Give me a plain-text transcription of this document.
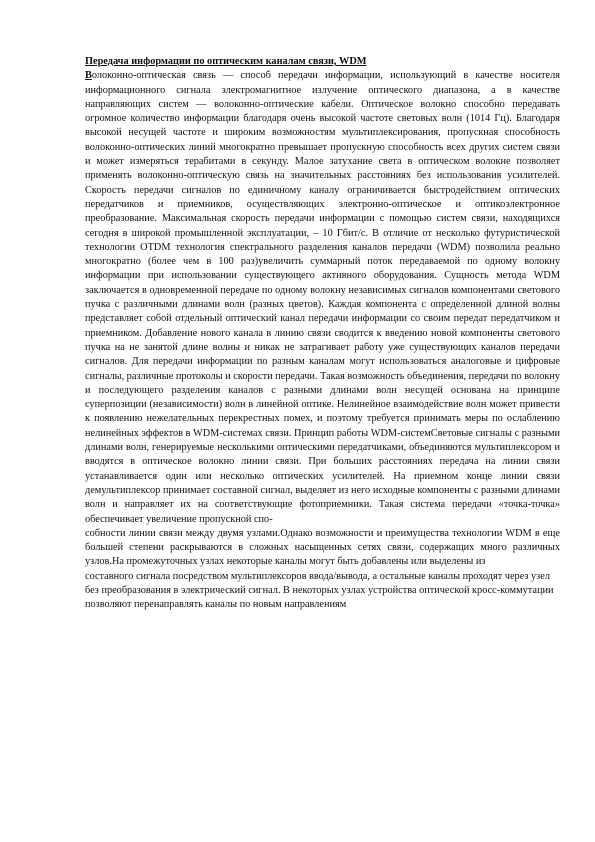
Передача информации по оптическим каналам связи, WDM

Волоконно-оптическая связь — способ передачи информации, использующий в качестве носителя информационного сигнала электромагнитное излучение оптического диапазона, а в качестве направляющих систем — волоконно-оптические кабели. Оптическое волокно способно передавать огромное количество информации благодаря очень высокой частоте световых волн (1014 Гц). Благодаря высокой несущей частоте и широким возможностям мультиплексирования, пропускная способность волоконно-оптических линий многократно превышает пропускную способность всех других систем связи и может измеряться терабитами в секунду. Малое затухание света в оптическом волокне позволяет применять волоконно-оптическую связь на значительных расстояниях без использования усилителей. Скорость передачи сигналов по единичному каналу ограничивается быстродействием оптических передатчиков и приемников, осуществляющих электронно-оптическое и оптикоэлектронное преобразование. Максимальная скорость передачи информации с помощью систем связи, находящихся сегодня в широкой промышленной эксплуатации, – 10 Гбит/с. В отличие от несколько футуристической технологии OTDM технология спектрального разделения каналов передачи (WDM) позволила реально многократно (более чем в 100 раз)увеличить суммарный поток передаваемой по одному волокну информации при использовании существующего активного оборудования. Сущность метода WDM заключается в одновременной передаче по одному волокну независимых сигналов компонентами светового пучка с различными длинами волн (разных цветов). Каждая компонента с определенной длиной волны представляет собой отдельный оптический канал передачи информации со своим передат передатчиком и приемником. Добавление нового канала в линию связи сводится к введению новой компоненты светового пучка на не занятой длине волны и никак не затрагивает работу уже существующих каналов передачи сигналов. Для передачи информации по разным каналам могут использоваться аналоговые и цифровые сигналы, различные протоколы и скорости передачи. Такая возможность объединения, передачи по волокну и последующего разделения каналов с разными длинами волн несущей основана на принципе суперпозиции (независимости) волн в линейной оптике. Нелинейное взаимодействие волн может привести к появлению нежелательных перекрестных помех, и поэтому требуется принимать меры по ослаблению нелинейных эффектов в WDM-системах связи. Принцип работы WDM-системСветовые сигналы с разными длинами волн, генерируемые несколькими оптическими передатчиками, объединяются мультиплексором и вводятся в оптическое волокно линии связи. При больших расстояниях передача на линии связи устанавливается один или несколько оптических усилителей. На приемном конце линии связи демультиплексор принимает составной сигнал, выделяет из него исходные компоненты с разными длинами волн и направляет их на соответствующие фотоприемники. Такая система передачи «точка-точка» обеспечивает увеличение пропускной спо-

собности линии связи между двумя узлами.Однако возможности и преимущества технологии WDM в еще большей степени раскрываются в сложных насыщенных сетях связи, содержащих много различных узлов.На промежуточных узлах некоторые каналы могут быть добавлены или выделены из

составного сигнала посредством мультиплексоров ввода/вывода, а остальные каналы проходят через узел без преобразования в электрический сигнал. В некоторых узлах устройства оптической кросс-коммутации позволяют перенаправлять каналы по новым направлениям
